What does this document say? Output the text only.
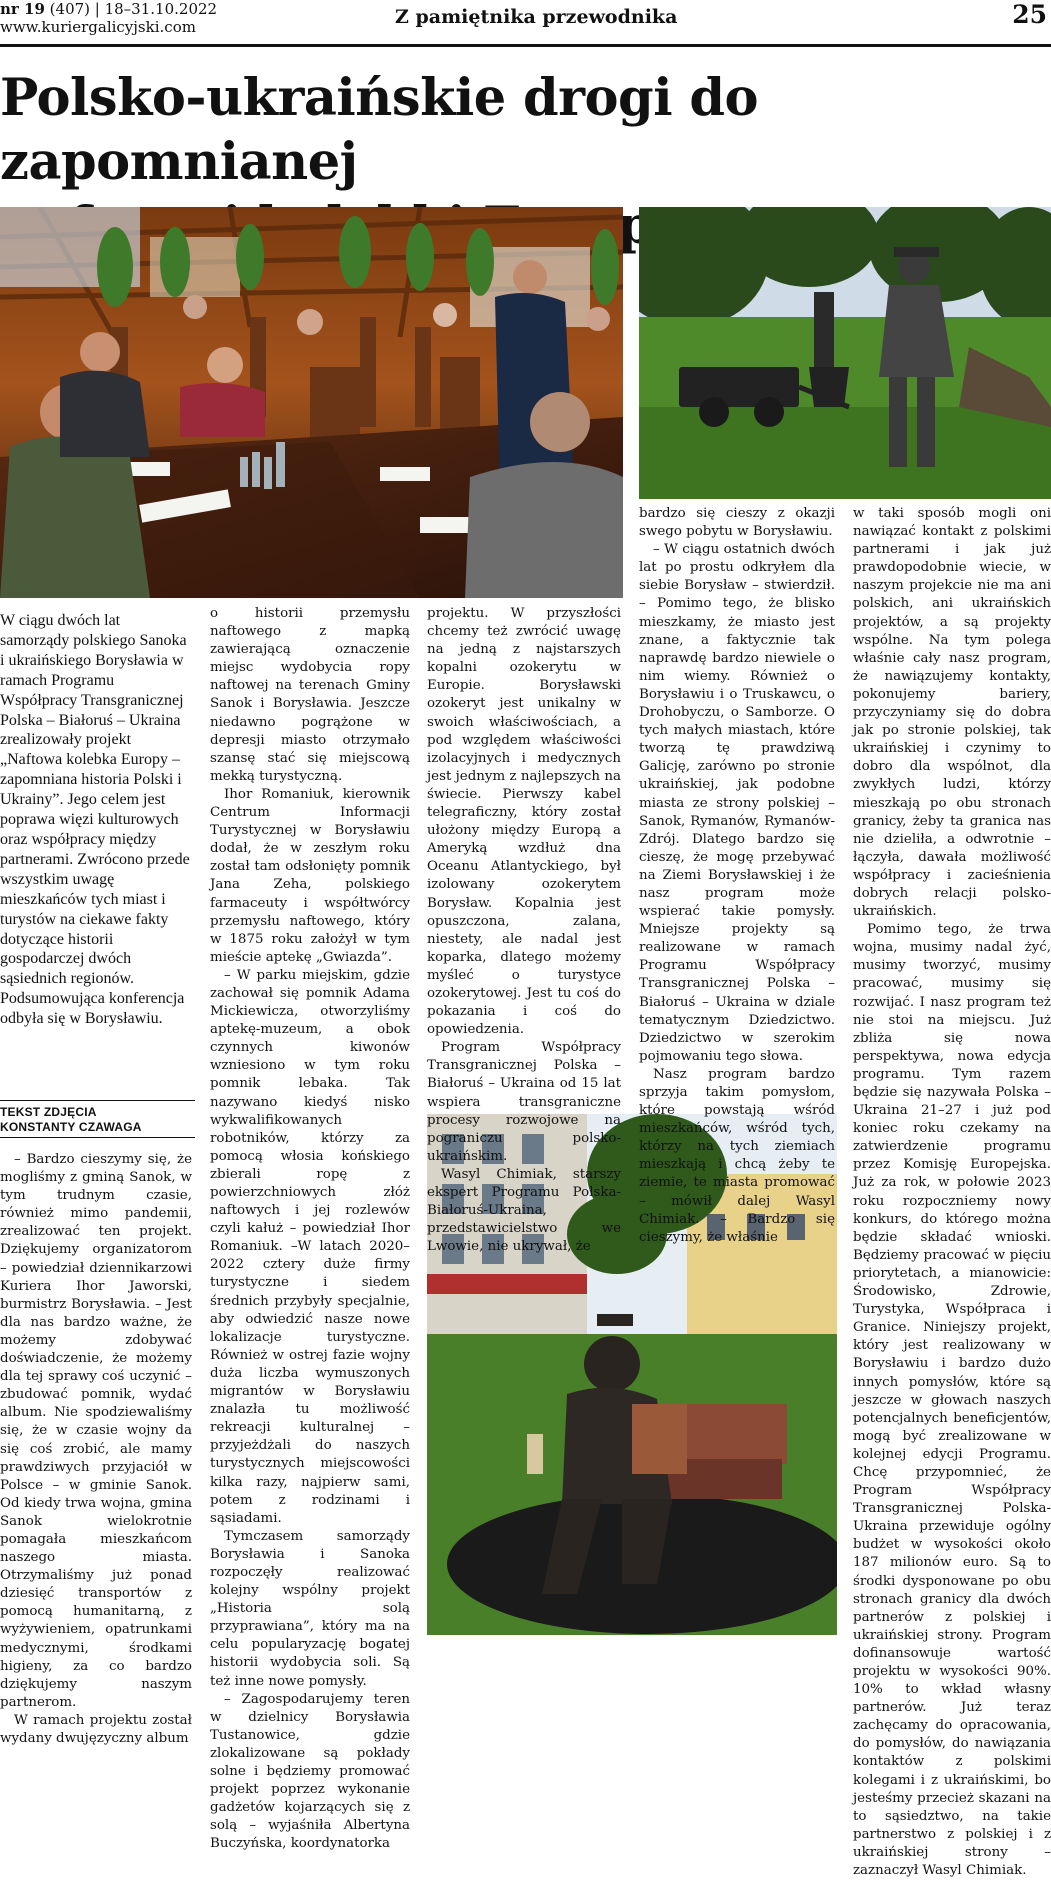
nr 19 (407) | 18–31.10.2022
www.kuriergalicyjski.com	Z pamiętnika przewodnika	25
Polsko-ukraińskie drogi do zapomnianej
W ciągu dwóch lat samorządy polskiego Sanoka i ukraińskiego Borysławia w ramach Programu Współpracy Transgranicznej Polska – Białoruś – Ukraina zrealizowały projekt „Naftowa kolebka Europy – zapomniana historia Polski i Ukrainy”. Jego celem jest poprawa więzi kulturowych oraz współpracy między partnerami. Zwrócono przede wszystkim uwagę mieszkańców tych miast i turystów na ciekawe fakty dotyczące historii gospodarczej dwóch sąsiednich regionów. Podsumowująca konferencja odbyła się w Borysławiu.
TEKST ZDJĘCIA
KONSTANTY CZAWAGA

– Bardzo cieszymy się, że mogliśmy z gminą Sanok, w tym trudnym czasie, również mimo pandemii, zrealizować ten projekt. Dziękujemy organizatorom – powiedział dziennikarzowi Kuriera Ihor Jaworski, burmistrz Borysławia. – Jest dla nas bardzo ważne, że możemy zdobywać doświadczenie, że możemy dla tej sprawy coś uczynić – zbudować pomnik, wydać album. Nie spodziewaliśmy się, że w czasie wojny da się coś zrobić, ale mamy prawdziwych przyjaciół w Polsce – w gminie Sanok. Od kiedy trwa wojna, gmina Sanok wielokrotnie pomagała mieszkańcom naszego miasta. Otrzymaliśmy już ponad dziesięć transportów z pomocą humanitarną, z wyżywieniem, opatrunkami medycznymi, środkami higieny, za co bardzo dziękujemy naszym partnerom.

W ramach projektu został wydany dwujęzyczny album

o historii przemysłu naftowego z mapką zawierającą oznaczenie miejsc wydobycia ropy naftowej na terenach Gminy Sanok i Borysławia. Jeszcze niedawno pogrążone w depresji miasto otrzymało szansę stać się miejscową mekką turystyczną.

Ihor Romaniuk, kierownik Centrum Informacji Turystycznej w Borysławiu dodał, że w zeszłym roku został tam odsłonięty pomnik Jana Zeha, polskiego farmaceuty i współtwórcy przemysłu naftowego, który w 1875 roku założył w tym mieście aptekę „Gwiazda”.

– W parku miejskim, gdzie zachował się pomnik Adama Mickiewicza, otworzyliśmy aptekę-muzeum, a obok czynnych kiwonów wzniesiono w tym roku pomnik lebaka. Tak nazywano kiedyś nisko wykwalifikowanych robotników, którzy za pomocą włosia końskiego zbierali ropę z powierzchniowych złóż naftowych i jej rozlewów czyli kałuż – powiedział Ihor Romaniuk. –W latach 2020–2022 cztery duże firmy turystyczne i siedem średnich przybyły specjalnie, aby odwiedzić nasze nowe lokalizacje turystyczne. Również w ostrej fazie wojny duża liczba wymuszonych migrantów w Borysławiu znalazła tu możliwość rekreacji kulturalnej – przyjeżdżali do naszych turystycznych miejscowości kilka razy, najpierw sami, potem z rodzinami i sąsiadami.

Tymczasem samorządy Borysławia i Sanoka rozpoczęły realizować kolejny wspólny projekt „Historia solą przyprawiana”, który ma na celu popularyzację bogatej historii wydobycia soli. Są też inne nowe pomysły.

– Zagospodarujemy teren w dzielnicy Borysławia Tustanowice, gdzie zlokalizowane są pokłady solne i będziemy promować projekt poprzez wykonanie gadżetów kojarzących się z solą – wyjaśniła Albertyna Buczyńska, koordynatorka

projektu. W przyszłości chcemy też zwrócić uwagę na jedną z najstarszych kopalni ozokerytu w Europie. Borysławski ozokeryt jest unikalny w swoich właściwościach, a pod względem właściwości izolacyjnych i medycznych jest jednym z najlepszych na świecie. Pierwszy kabel telegraficzny, który został ułożony między Europą a Ameryką wzdłuż dna Oceanu Atlantyckiego, był izolowany ozokerytem Borysław. Kopalnia jest opuszczona, zalana, niestety, ale nadal jest koparka, dlatego możemy myśleć o turystyce ozokerytowej. Jest tu coś do pokazania i coś do opowiedzenia.

Program Współpracy Transgranicznej Polska – Białoruś – Ukraina od 15 lat wspiera transgraniczne procesy rozwojowe na pograniczu polsko-ukraińskim.

Wasyl Chimiak, starszy ekspert Programu Polska-Białoruś-Ukraina, przedstawicielstwo we Lwowie, nie ukrywał, że

bardzo się cieszy z okazji swego pobytu w Borysławiu.

– W ciągu ostatnich dwóch lat po prostu odkryłem dla siebie Borysław – stwierdził. – Pomimo tego, że blisko mieszkamy, że miasto jest znane, a faktycznie tak naprawdę bardzo niewiele o nim wiemy. Również o Borysławiu i o Truskawcu, o Drohobyczu, o Samborze. O tych małych miastach, które tworzą tę prawdziwą Galicję, zarówno po stronie ukraińskiej, jak podobne miasta ze strony polskiej – Sanok, Rymanów, Rymanów-Zdrój. Dlatego bardzo się cieszę, że mogę przebywać na Ziemi Borysławskiej i że nasz program może wspierać takie pomysły. Mniejsze projekty są realizowane w ramach Programu Współpracy Transgranicznej Polska – Białoruś – Ukraina w dziale tematycznym Dziedzictwo. Dziedzictwo w szerokim pojmowaniu tego słowa.

Nasz program bardzo sprzyja takim pomysłom, które powstają wśród mieszkańców, wśród tych, którzy na tych ziemiach mieszkają i chcą żeby te ziemie, te miasta promować – mówił dalej Wasyl Chimiak. – Bardzo się cieszymy, że właśnie

w taki sposób mogli oni nawiązać kontakt z polskimi partnerami i jak już prawdopodobnie wiecie, w naszym projekcie nie ma ani polskich, ani ukraińskich projektów, a są projekty wspólne. Na tym polega właśnie cały nasz program, że nawiązujemy kontakty, pokonujemy bariery, przyczyniamy się do dobra jak po stronie polskiej, tak ukraińskiej i czynimy to dobro dla wspólnot, dla zwykłych ludzi, którzy mieszkają po obu stronach granicy, żeby ta granica nas nie dzieliła, a odwrotnie – łączyła, dawała możliwość współpracy i zacieśnienia dobrych relacji polsko-ukraińskich.

Pomimo tego, że trwa wojna, musimy nadal żyć, musimy tworzyć, musimy pracować, musimy się rozwijać. I nasz program też nie stoi na miejscu. Już zbliża się nowa perspektywa, nowa edycja programu. Tym razem będzie się nazywała Polska – Ukraina 21–27 i już pod koniec roku czekamy na zatwierdzenie programu przez Komisję Europejska. Już za rok, w połowie 2023 roku rozpoczniemy nowy konkurs, do którego można będzie składać wnioski. Będziemy pracować w pięciu priorytetach, a mianowicie: Środowisko, Zdrowie, Turystyka, Współpraca i Granice. Niniejszy projekt, który jest realizowany w Borysławiu i bardzo dużo innych pomysłów, które są jeszcze w głowach naszych potencjalnych beneficjentów, mogą być zrealizowane w kolejnej edycji Programu. Chcę przypomnieć, że Program Współpracy Transgranicznej Polska-Ukraina przewiduje ogólny budżet w wysokości około 187 milionów euro. Są to środki dysponowane po obu stronach granicy dla dwóch partnerów z polskiej i ukraińskiej strony. Program dofinansowuje wartość projektu w wysokości 90%. 10% to wkład własny partnerów. Już teraz zachęcamy do opracowania, do pomysłów, do nawiązania kontaktów z polskimi kolegami i z ukraińskimi, bo jesteśmy przecież skazani na to sąsiedztwo, na takie partnerstwo z polskiej i z ukraińskiej strony – zaznaczył Wasyl Chimiak.
